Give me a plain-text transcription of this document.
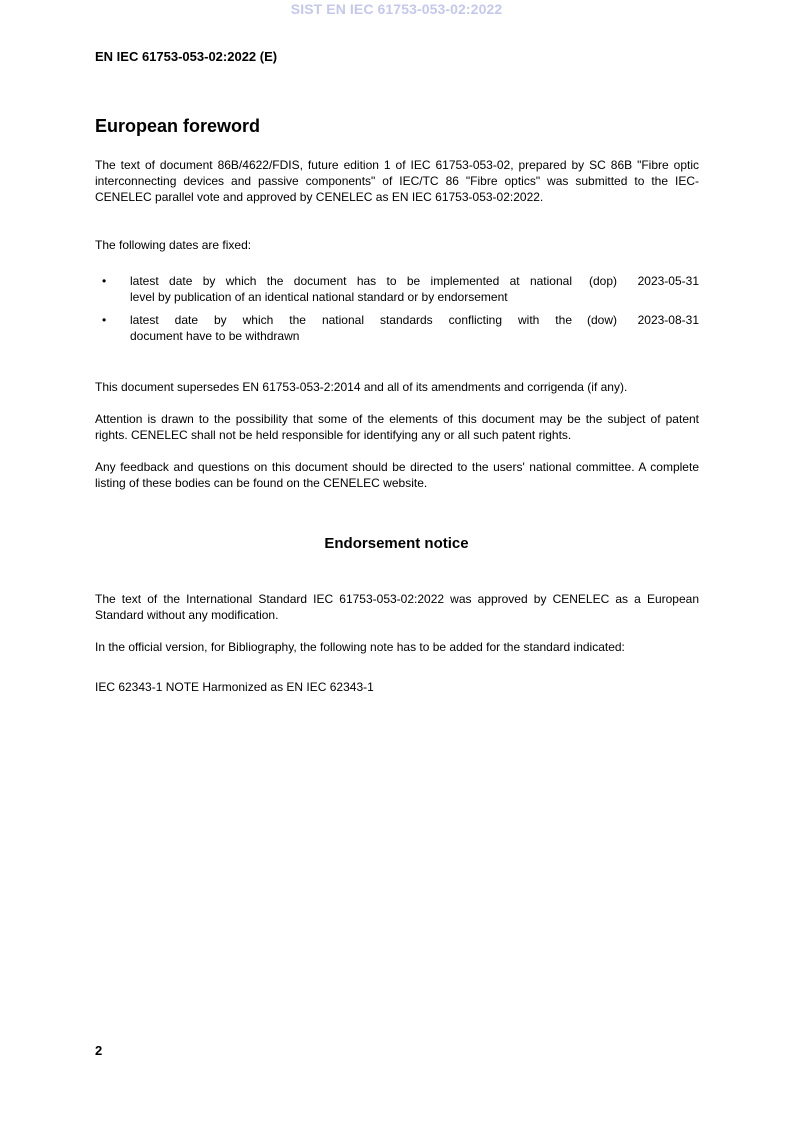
SIST EN IEC 61753-053-02:2022
EN IEC 61753-053-02:2022 (E)
European foreword
The text of document 86B/4622/FDIS, future edition 1 of IEC 61753-053-02, prepared by SC 86B "Fibre optic interconnecting devices and passive components" of IEC/TC 86 "Fibre optics" was submitted to the IEC-CENELEC parallel vote and approved by CENELEC as EN IEC 61753-053-02:2022.
The following dates are fixed:
•	latest date by which the document has to be implemented at national
level by publication of an identical national standard or by endorsement
(dop)	2023-05-31
•	latest date by which the national standards conflicting with the
document have to be withdrawn
(dow)	2023-08-31
This document supersedes EN 61753-053-2:2014 and all of its amendments and corrigenda (if any).
Attention is drawn to the possibility that some of the elements of this document may be the subject of patent rights. CENELEC shall not be held responsible for identifying any or all such patent rights.
Any feedback and questions on this document should be directed to the users' national committee. A complete listing of these bodies can be found on the CENELEC website.
Endorsement notice
The text of the International Standard IEC 61753-053-02:2022 was approved by CENELEC as a European Standard without any modification.
In the official version, for Bibliography, the following note has to be added for the standard indicated:
IEC 62343-1 NOTE Harmonized as EN IEC 62343-1
2
